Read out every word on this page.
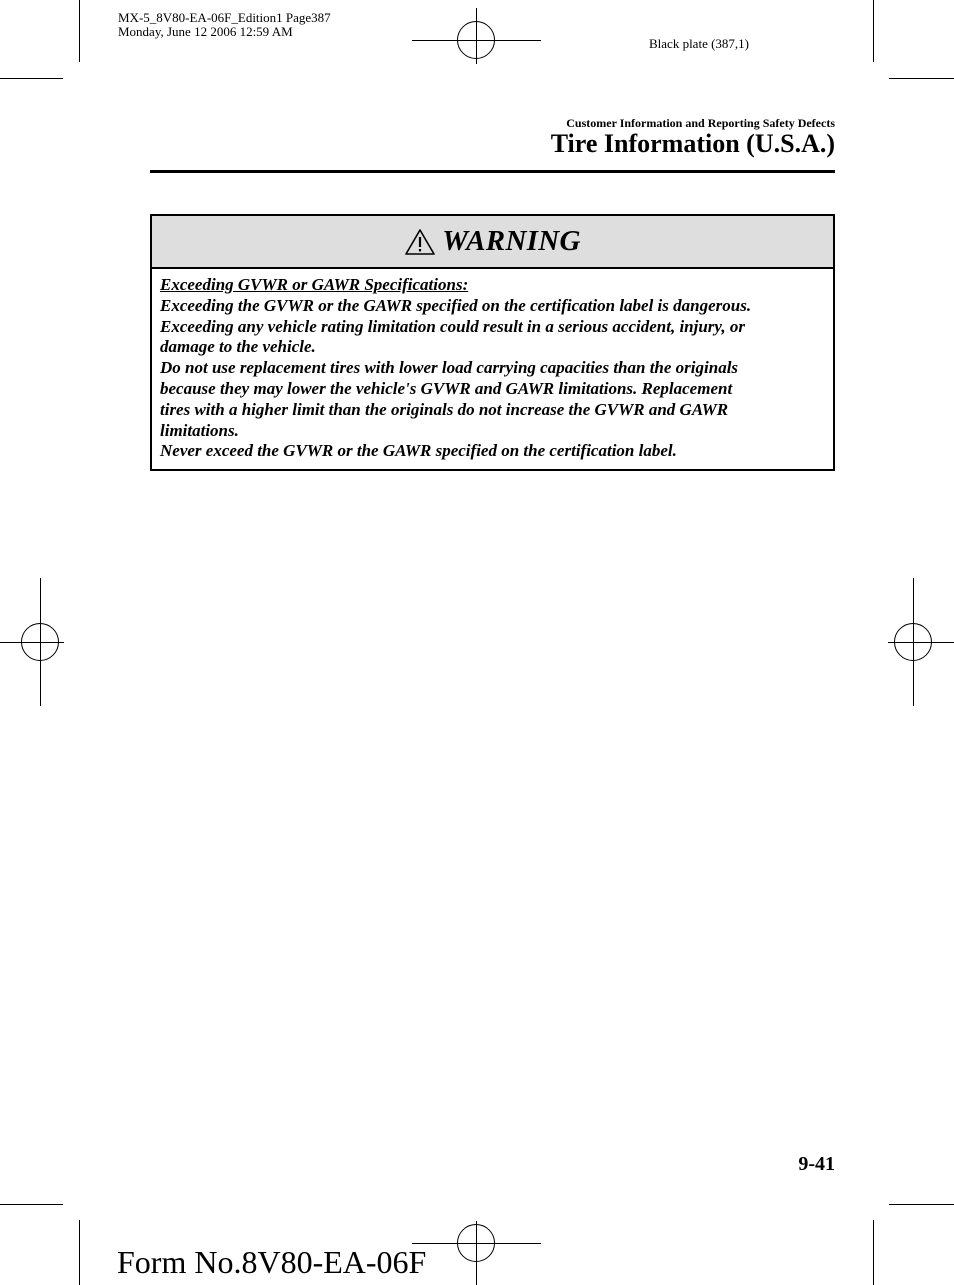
MX-5_8V80-EA-06F_Edition1 Page387
Monday, June 12 2006 12:59 AM
Black plate (387,1)
Customer Information and Reporting Safety Defects
Tire Information (U.S.A.)
WARNING

Exceeding GVWR or GAWR Specifications:

Exceeding the GVWR or the GAWR specified on the certification label is dangerous.

Exceeding any vehicle rating limitation could result in a serious accident, injury, or

damage to the vehicle.

Do not use replacement tires with lower load carrying capacities than the originals

because they may lower the vehicle's GVWR and GAWR limitations. Replacement

tires with a higher limit than the originals do not increase the GVWR and GAWR

limitations.

Never exceed the GVWR or the GAWR specified on the certification label.

9-41
Form No.8V80-EA-06F
